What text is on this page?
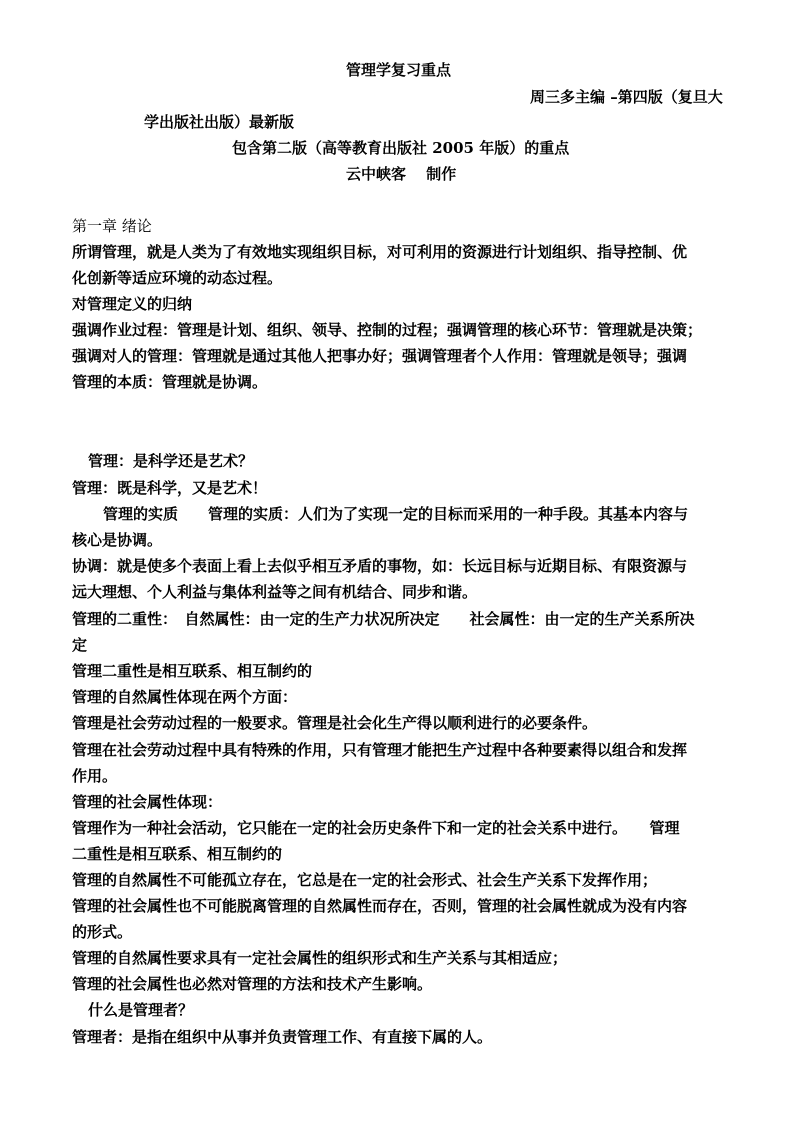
管理学复习重点
周三多主编 –第四版（复旦大
学出版社出版）最新版
包含第二版（高等教育出版社 2005 年版）的重点
云中峡客　 制作
第一章 绪论
所谓管理，就是人类为了有效地实现组织目标，对可利用的资源进行计划组织、指导控制、优
化创新等适应环境的动态过程。
对管理定义的归纳
强调作业过程：管理是计划、组织、领导、控制的过程；强调管理的核心环节：管理就是决策；
强调对人的管理：管理就是通过其他人把事办好；强调管理者个人作用：管理就是领导；强调
管理的本质：管理就是协调。
管理：是科学还是艺术？
管理：既是科学，又是艺术！
管理的实质　　管理的实质：人们为了实现一定的目标而采用的一种手段。其基本内容与
核心是协调。
协调：就是使多个表面上看上去似乎相互矛盾的事物，如：长远目标与近期目标、有限资源与
远大理想、个人利益与集体利益等之间有机结合、同步和谐。
管理的二重性：　自然属性：由一定的生产力状况所决定　　社会属性：由一定的生产关系所决
定
管理二重性是相互联系、相互制约的
管理的自然属性体现在两个方面：
管理是社会劳动过程的一般要求。管理是社会化生产得以顺利进行的必要条件。
管理在社会劳动过程中具有特殊的作用，只有管理才能把生产过程中各种要素得以组合和发挥
作用。
管理的社会属性体现：
管理作为一种社会活动，它只能在一定的社会历史条件下和一定的社会关系中进行。　　管理
二重性是相互联系、相互制约的
管理的自然属性不可能孤立存在，它总是在一定的社会形式、社会生产关系下发挥作用；
管理的社会属性也不可能脱离管理的自然属性而存在，否则，管理的社会属性就成为没有内容
的形式。
管理的自然属性要求具有一定社会属性的组织形式和生产关系与其相适应；
管理的社会属性也必然对管理的方法和技术产生影响。
什么是管理者？
管理者：是指在组织中从事并负责管理工作、有直接下属的人。
